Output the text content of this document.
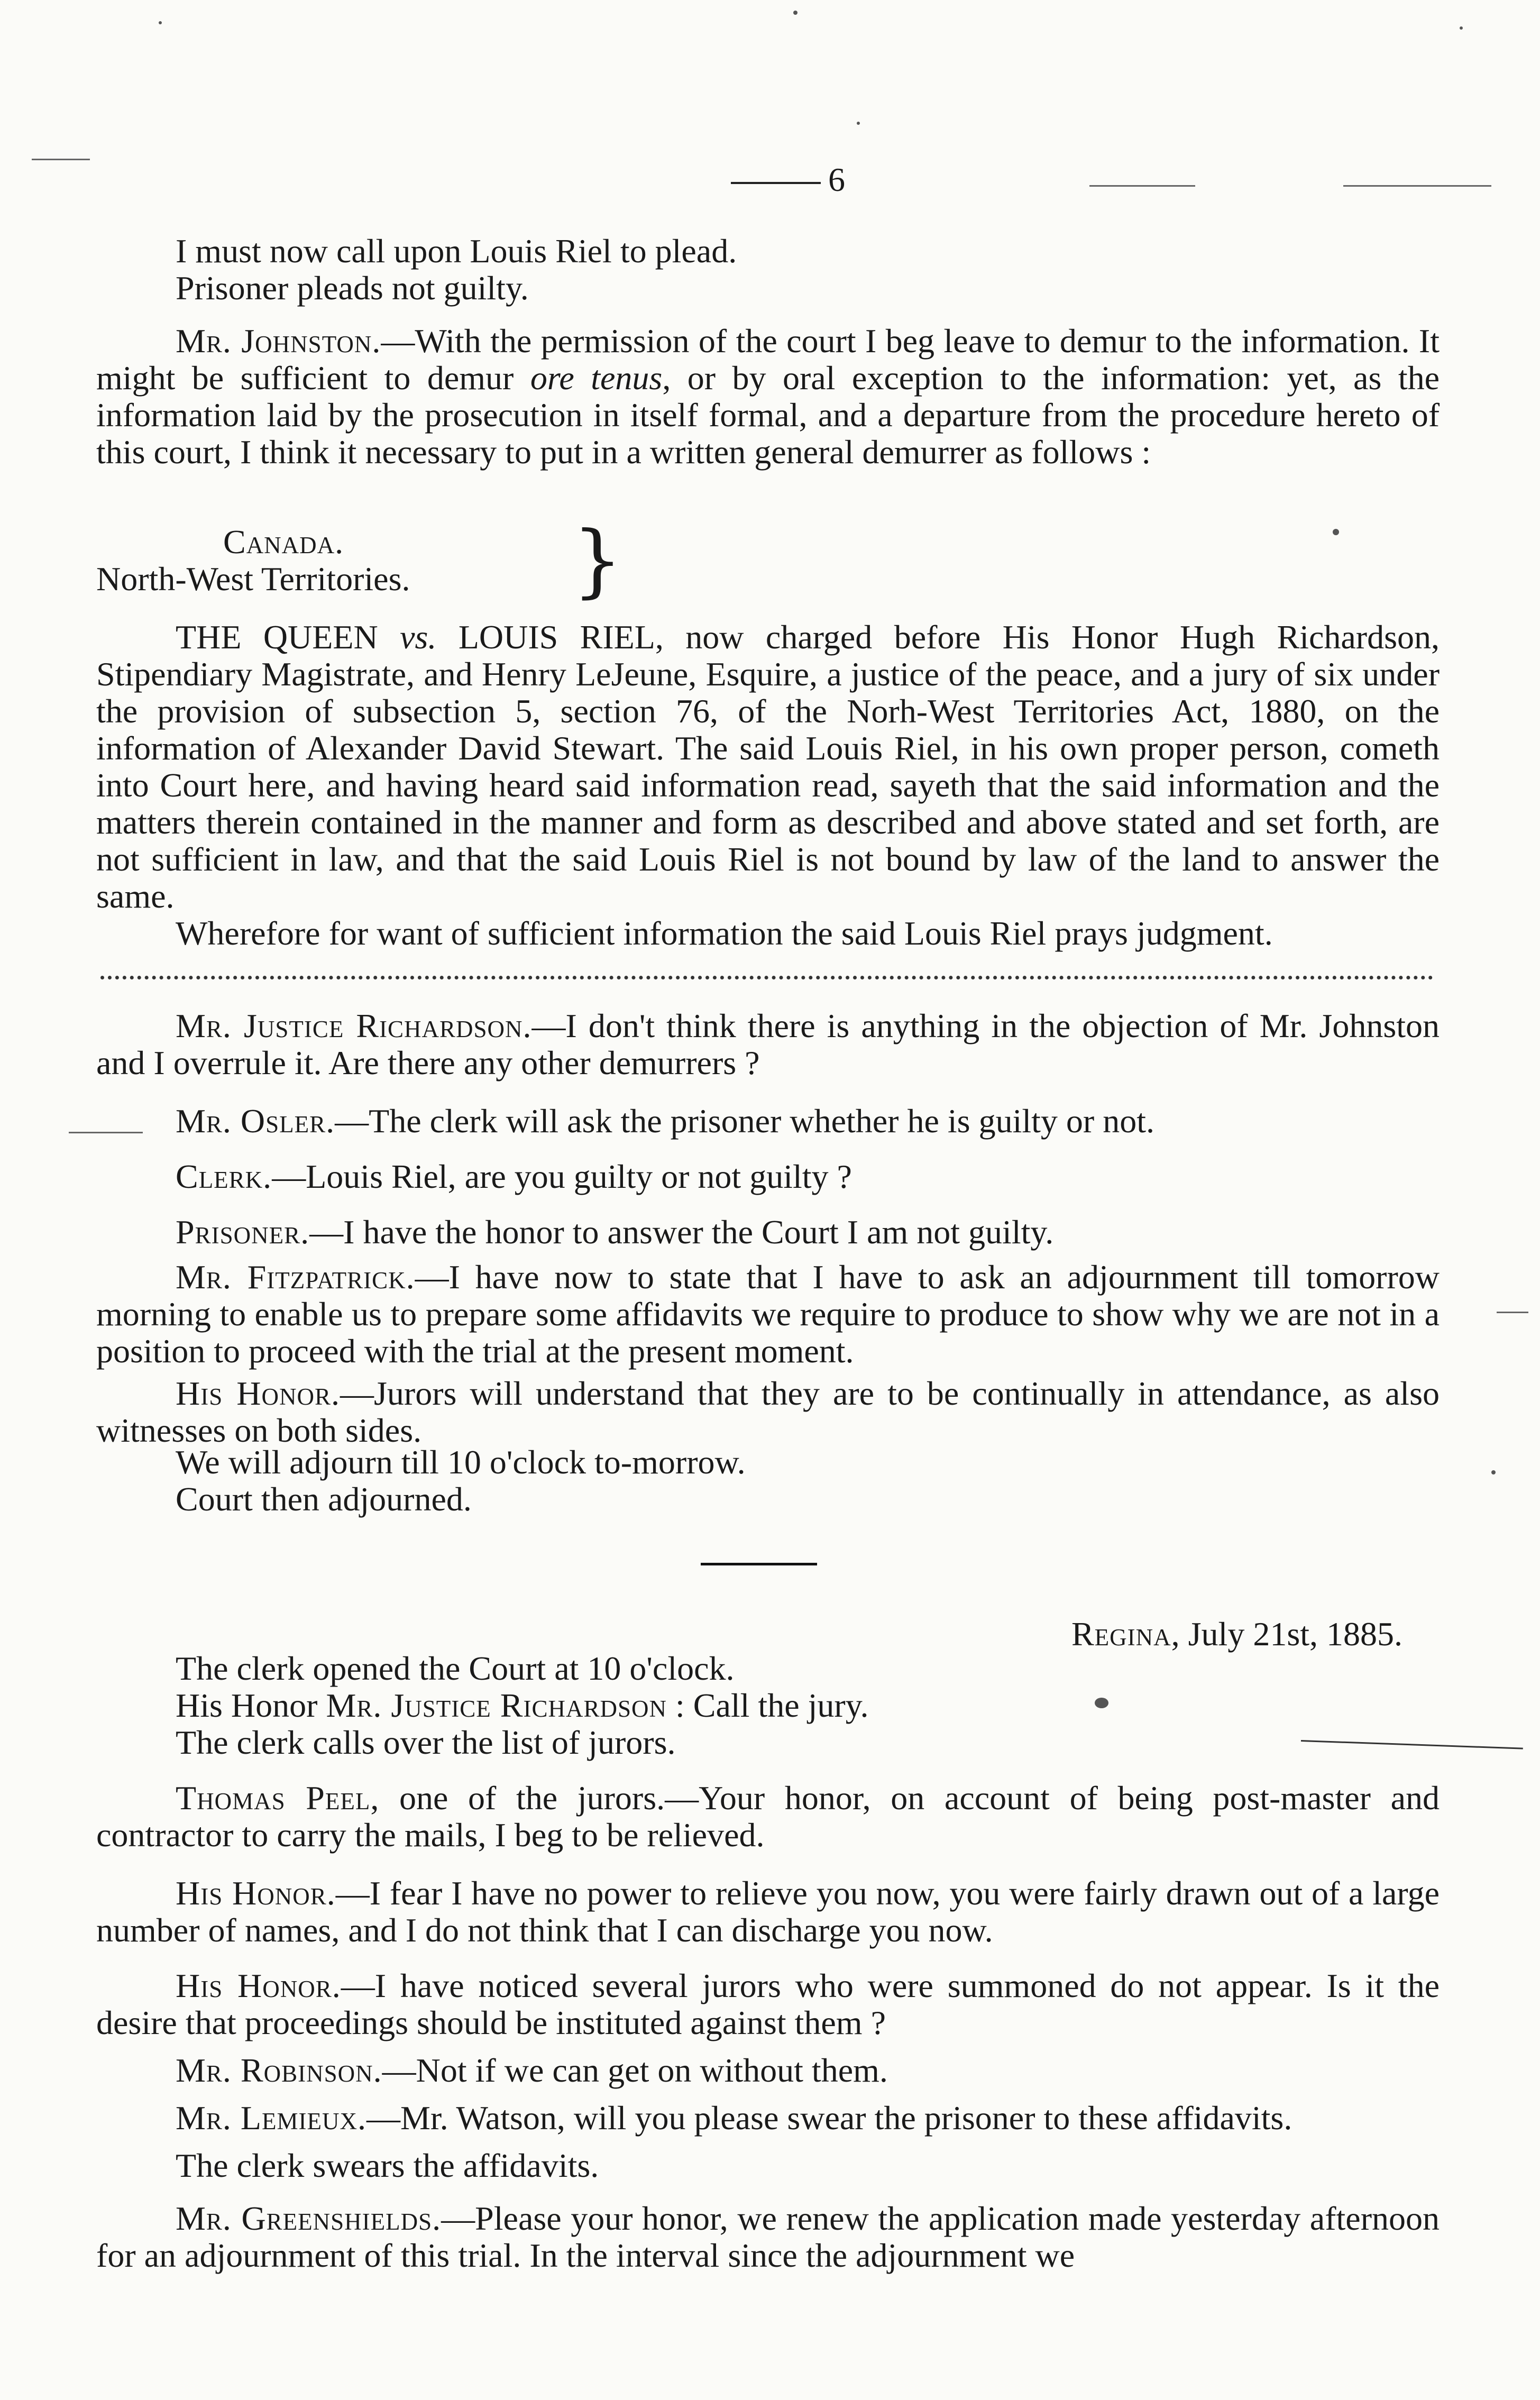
6
I must now call upon Louis Riel to plead.
Prisoner pleads not guilty.
Mr. Johnston.—With the permission of the court I beg leave to demur to the information. It might be sufficient to demur ore tenus, or by oral exception to the information: yet, as the information laid by the prosecution in itself formal, and a departure from the procedure hereto of this court, I think it necessary to put in a written general demurrer as follows :
Canada.
North-West Territories. }
THE QUEEN vs. LOUIS RIEL, now charged before His Honor Hugh Richardson, Stipendiary Magistrate, and Henry LeJeune, Esquire, a justice of the peace, and a jury of six under the provision of subsection 5, section 76, of the Norh-West Territories Act, 1880, on the information of Alexander David Stewart. The said Louis Riel, in his own proper person, cometh into Court here, and having heard said information read, sayeth that the said information and the matters therein contained in the manner and form as described and above stated and set forth, are not sufficient in law, and that the said Louis Riel is not bound by law of the land to answer the same.
Wherefore for want of sufficient information the said Louis Riel prays judgment.
Mr. Justice Richardson.—I don't think there is anything in the objection of Mr. Johnston and I overrule it. Are there any other demurrers ?
Mr. Osler.—The clerk will ask the prisoner whether he is guilty or not.
Clerk.—Louis Riel, are you guilty or not guilty ?
Prisoner.—I have the honor to answer the Court I am not guilty.
Mr. Fitzpatrick.—I have now to state that I have to ask an adjournment till tomorrow morning to enable us to prepare some affidavits we require to produce to show why we are not in a position to proceed with the trial at the present moment.
His Honor.—Jurors will understand that they are to be continually in attendance, as also witnesses on both sides.
We will adjourn till 10 o'clock to-morrow.
Court then adjourned.
Regina, July 21st, 1885.
The clerk opened the Court at 10 o'clock.
His Honor Mr. Justice Richardson : Call the jury.
The clerk calls over the list of jurors.
Thomas Peel, one of the jurors.—Your honor, on account of being post-master and contractor to carry the mails, I beg to be relieved.
His Honor.—I fear I have no power to relieve you now, you were fairly drawn out of a large number of names, and I do not think that I can discharge you now.
His Honor.—I have noticed several jurors who were summoned do not appear. Is it the desire that proceedings should be instituted against them ?
Mr. Robinson.—Not if we can get on without them.
Mr. Lemieux.—Mr. Watson, will you please swear the prisoner to these affidavits.
The clerk swears the affidavits.
Mr. Greenshields.—Please your honor, we renew the application made yesterday afternoon for an adjournment of this trial. In the interval since the adjournment we
